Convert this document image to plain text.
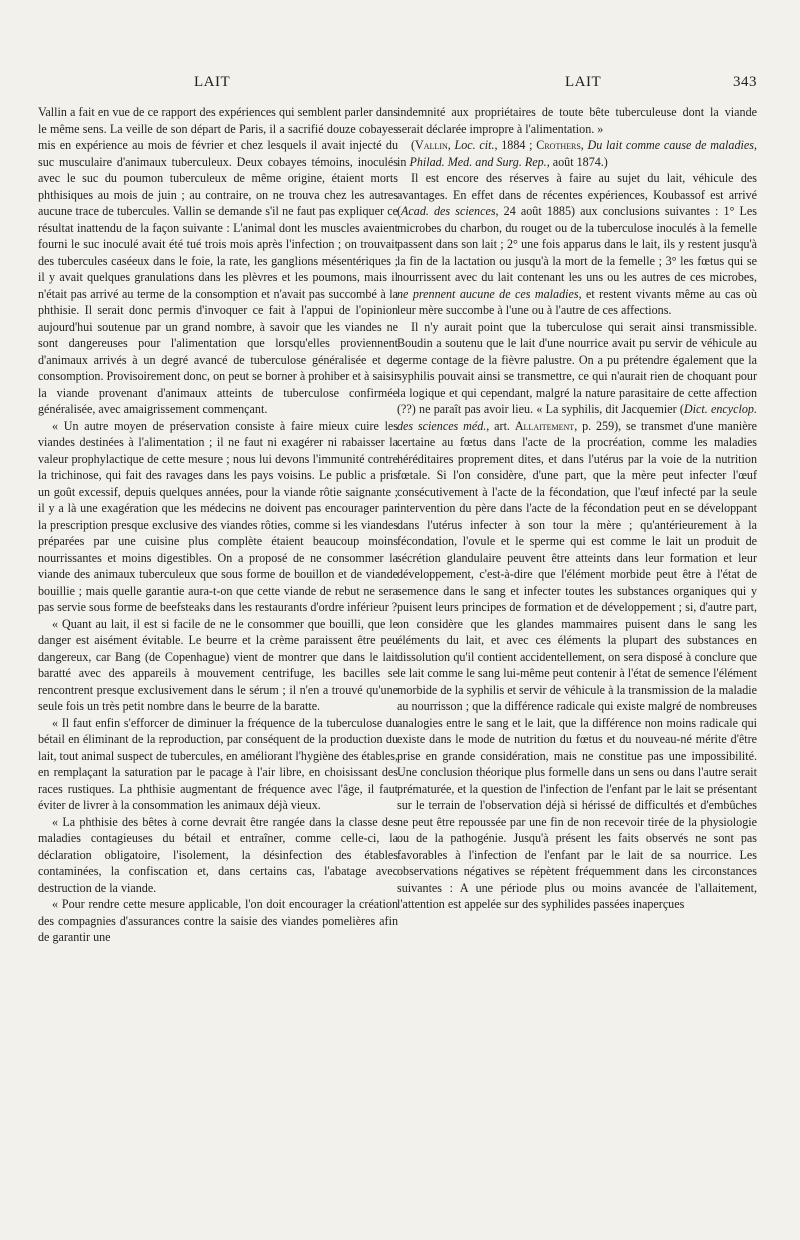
LAIT	LAIT	343

Vallin a fait en vue de ce rapport des expériences qui semblent parler dans le même sens. La veille de son départ de Paris, il a sacrifié douze cobayes mis en expérience au mois de février et chez lesquels il avait injecté du suc musculaire d'animaux tuberculeux. Deux cobayes témoins, inoculés avec le suc du poumon tuberculeux de même origine, étaient morts phthisiques au mois de juin ; au contraire, on ne trouva chez les autres aucune trace de tubercules. Vallin se demande s'il ne faut pas expliquer ce résultat inattendu de la façon suivante : L'animal dont les muscles avaient fourni le suc inoculé avait été tué trois mois après l'infection ; on trouvait des tubercules caséeux dans le foie, la rate, les ganglions mésentériques ; il y avait quelques granulations dans les plèvres et les poumons, mais il n'était pas arrivé au terme de la consomption et n'avait pas succombé à la phthisie. Il serait donc permis d'invoquer ce fait à l'appui de l'opinion aujourd'hui soutenue par un grand nombre, à savoir que les viandes ne sont dangereuses pour l'alimentation que lorsqu'elles proviennent d'animaux arrivés à un degré avancé de tuberculose généralisée et de consomption. Provisoirement donc, on peut se borner à prohiber et à saisir la viande provenant d'animaux atteints de tuberculose confirmée généralisée, avec amaigrissement commençant.

« Un autre moyen de préservation consiste à faire mieux cuire les viandes destinées à l'alimentation ; il ne faut ni exagérer ni rabaisser la valeur prophylactique de cette mesure ; nous lui devons l'immunité contre la trichinose, qui fait des ravages dans les pays voisins. Le public a pris un goût excessif, depuis quelques années, pour la viande rôtie saignante ; il y a là une exagération que les médecins ne doivent pas encourager par la prescription presque exclusive des viandes rôties, comme si les viandes préparées par une cuisine plus complète étaient beaucoup moins nourrissantes et moins digestibles. On a proposé de ne consommer la viande des animaux tuberculeux que sous forme de bouillon et de viande bouillie ; mais quelle garantie aura-t-on que cette viande de rebut ne sera pas servie sous forme de beefsteaks dans les restaurants d'ordre inférieur ?

« Quant au lait, il est si facile de ne le consommer que bouilli, que le danger est aisément évitable. Le beurre et la crème paraissent être peu dangereux, car Bang (de Copenhague) vient de montrer que dans le lait baratté avec des appareils à mouvement centrifuge, les bacilles se rencontrent presque exclusivement dans le sérum ; il n'en a trouvé qu'une seule fois un très petit nombre dans le beurre de la baratte.

« Il faut enfin s'efforcer de diminuer la fréquence de la tuberculose du bétail en éliminant de la reproduction, par conséquent de la production du lait, tout animal suspect de tubercules, en améliorant l'hygiène des étables, en remplaçant la saturation par le pacage à l'air libre, en choisissant des races rustiques. La phthisie augmentant de fréquence avec l'âge, il faut éviter de livrer à la consommation les animaux déjà vieux.

« La phthisie des bêtes à corne devrait être rangée dans la classe des maladies contagieuses du bétail et entraîner, comme celle-ci, la déclaration obligatoire, l'isolement, la désinfection des étables contaminées, la confiscation et, dans certains cas, l'abatage avec destruction de la viande.

« Pour rendre cette mesure applicable, l'on doit encourager la création des compagnies d'assurances contre la saisie des viandes pomelières afin de garantir une

indemnité aux propriétaires de toute bête tuberculeuse dont la viande serait déclarée impropre à l'alimentation. »

(Vallin, Loc. cit., 1884 ; Crothers, Du lait comme cause de maladies, in Philad. Med. and Surg. Rep., août 1874.)

Il est encore des réserves à faire au sujet du lait, véhicule des avantages. En effet dans de récentes expériences, Koubassof est arrivé (Acad. des sciences, 24 août 1885) aux conclusions suivantes : 1° Les microbes du charbon, du rouget ou de la tuberculose inoculés à la femelle passent dans son lait ; 2° une fois apparus dans le lait, ils y restent jusqu'à la fin de la lactation ou jusqu'à la mort de la femelle ; 3° les fœtus qui se nourrissent avec du lait contenant les uns ou les autres de ces microbes, ne prennent aucune de ces maladies, et restent vivants même au cas où leur mère succombe à l'une ou à l'autre de ces affections.

Il n'y aurait point que la tuberculose qui serait ainsi transmissible. Boudin a soutenu que le lait d'une nourrice avait pu servir de véhicule au germe contage de la fièvre palustre. On a pu prétendre également que la syphilis pouvait ainsi se transmettre, ce qui n'aurait rien de choquant pour la logique et qui cependant, malgré la nature parasitaire de cette affection (??) ne paraît pas avoir lieu. « La syphilis, dit Jacquemier (Dict. encyclop. des sciences méd., art. Allaitement, p. 259), se transmet d'une manière certaine au fœtus dans l'acte de la procréation, comme les maladies héréditaires proprement dites, et dans l'utérus par la voie de la nutrition fœtale. Si l'on considère, d'une part, que la mère peut infecter l'œuf consécutivement à l'acte de la fécondation, que l'œuf infecté par la seule intervention du père dans l'acte de la fécondation peut en se développant dans l'utérus infecter à son tour la mère ; qu'antérieurement à la fécondation, l'ovule et le sperme qui est comme le lait un produit de sécrétion glandulaire peuvent être atteints dans leur formation et leur développement, c'est-à-dire que l'élément morbide peut être à l'état de semence dans le sang et infecter toutes les substances organiques qui y puisent leurs principes de formation et de développement ; si, d'autre part, on considère que les glandes mammaires puisent dans le sang les éléments du lait, et avec ces éléments la plupart des substances en dissolution qu'il contient accidentellement, on sera disposé à conclure que le lait comme le sang lui-même peut contenir à l'état de semence l'élément morbide de la syphilis et servir de véhicule à la transmission de la maladie au nourrisson ; que la différence radicale qui existe malgré de nombreuses analogies entre le sang et le lait, que la différence non moins radicale qui existe dans le mode de nutrition du fœtus et du nouveau-né mérite d'être prise en grande considération, mais ne constitue pas une impossibilité. Une conclusion théorique plus formelle dans un sens ou dans l'autre serait prématurée, et la question de l'infection de l'enfant par le lait se présentant sur le terrain de l'observation déjà si hérissé de difficultés et d'embûches ne peut être repoussée par une fin de non recevoir tirée de la physiologie ou de la pathogénie. Jusqu'à présent les faits observés ne sont pas favorables à l'infection de l'enfant par le lait de sa nourrice. Les observations négatives se répètent fréquemment dans les circonstances suivantes : A une période plus ou moins avancée de l'allaitement, l'attention est appelée sur des syphilides passées inaperçues
